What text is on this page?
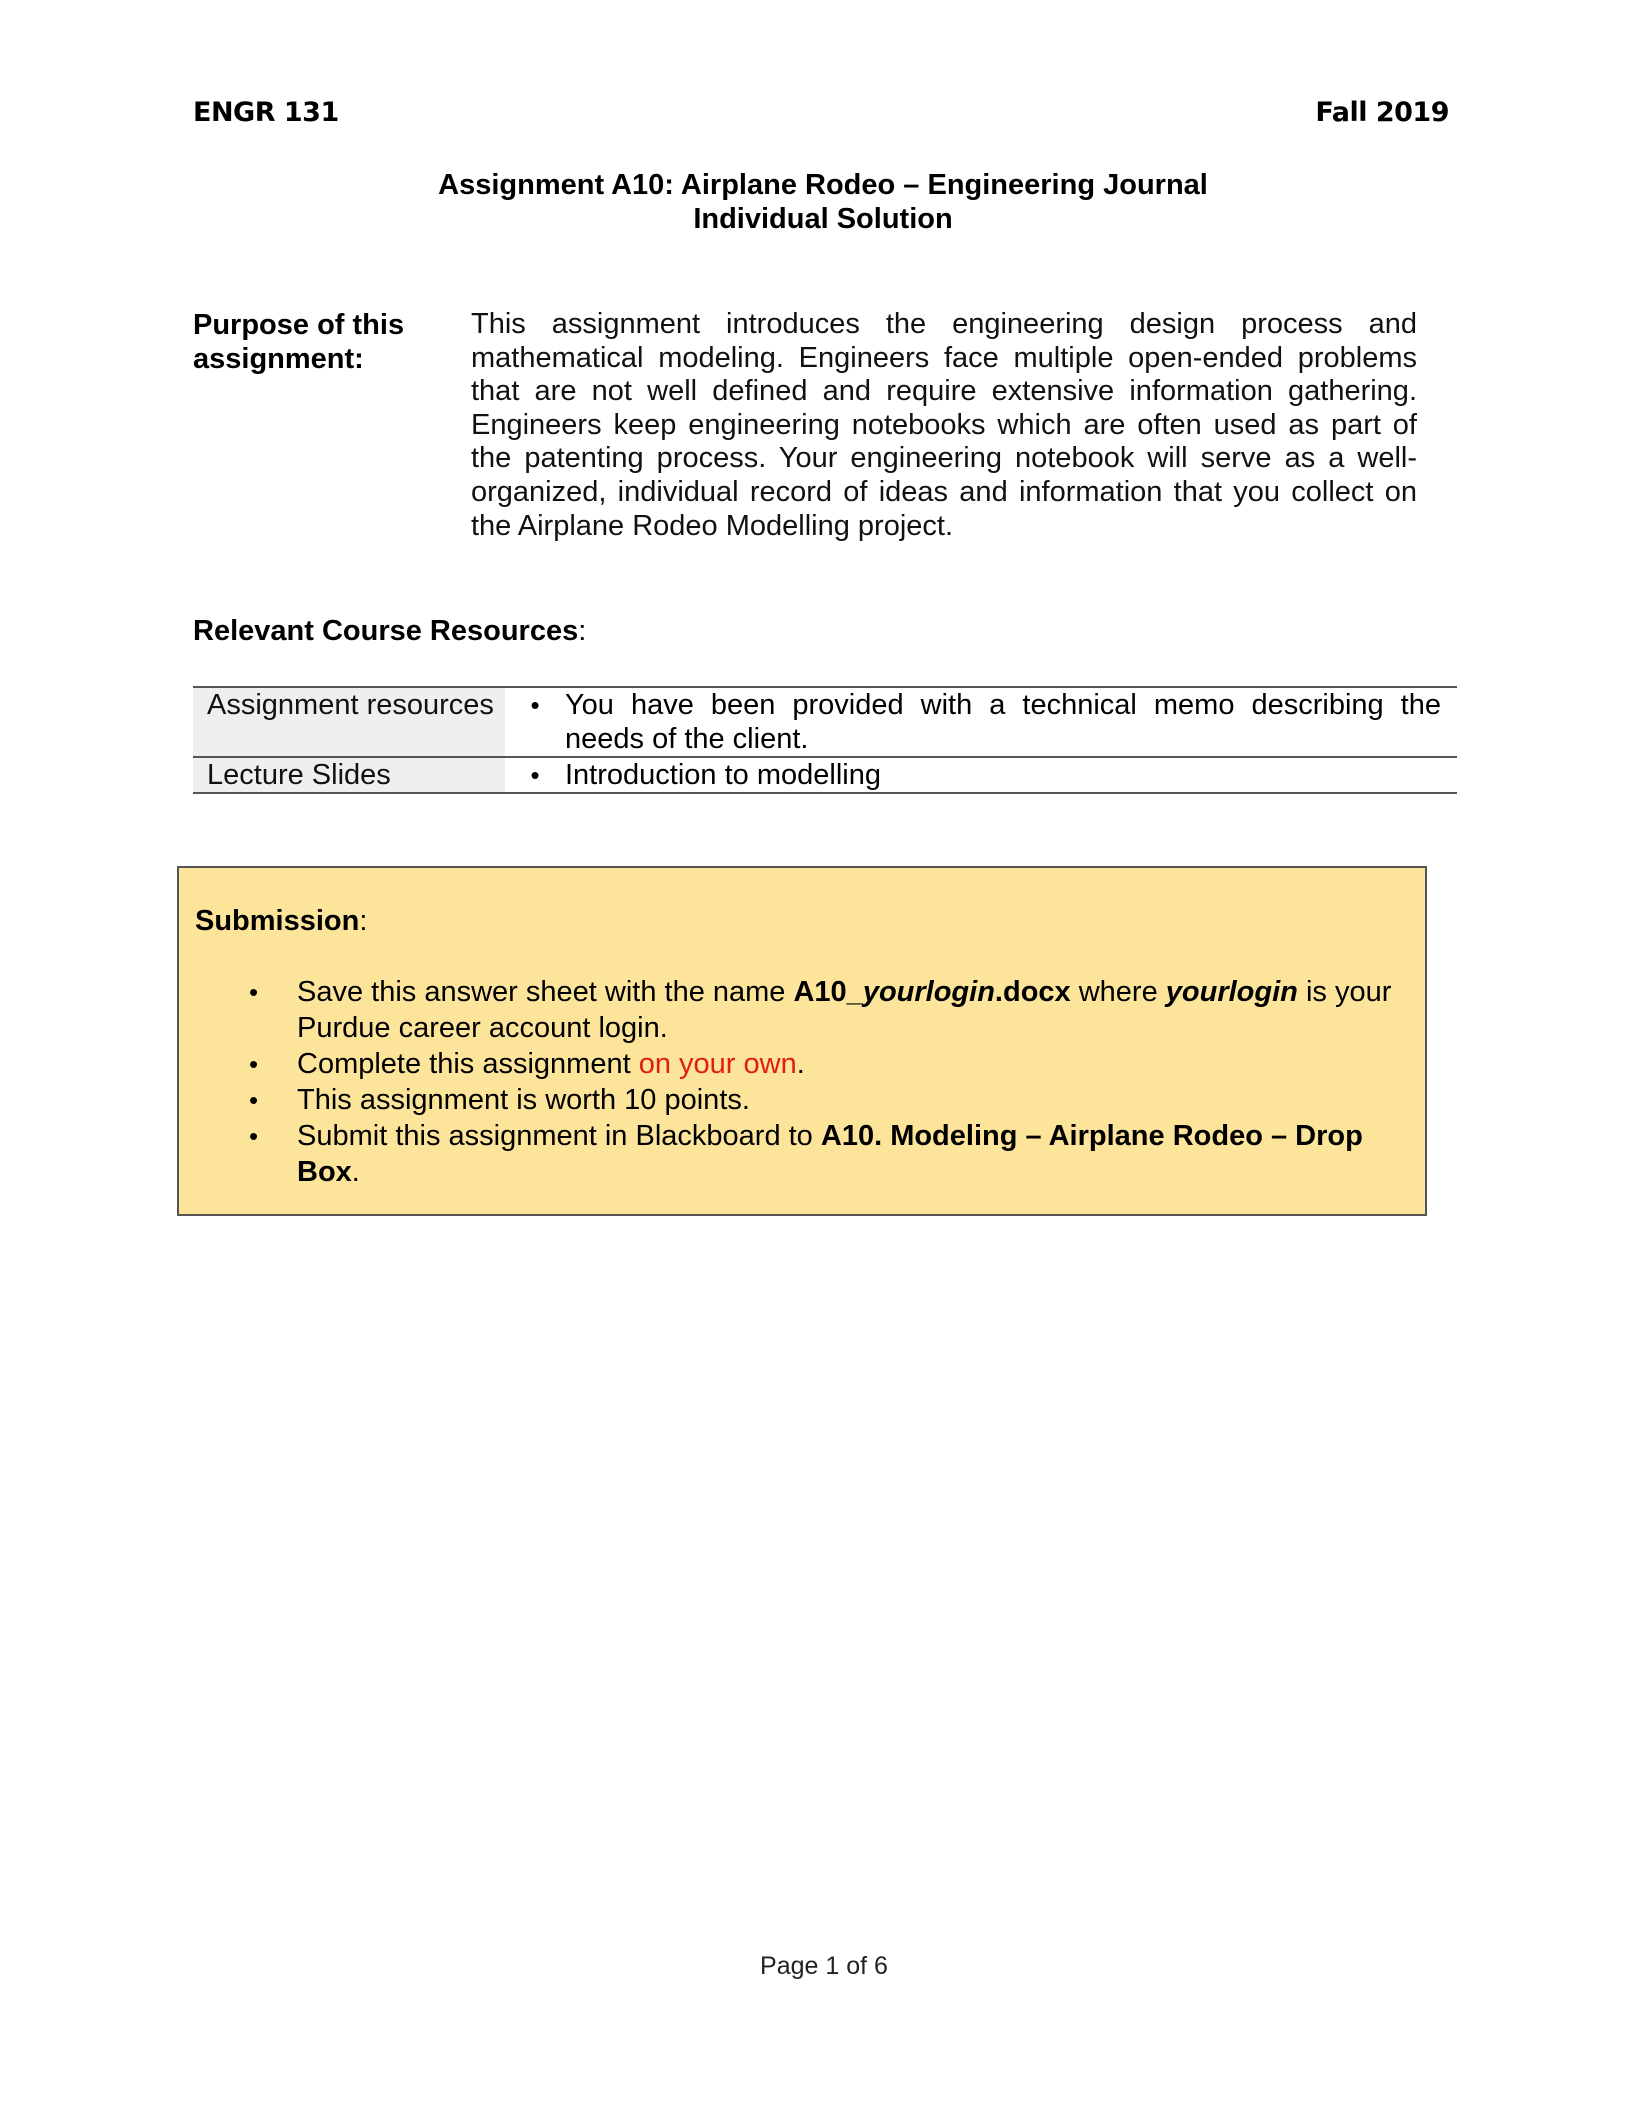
ENGR 131	Fall 2019
Assignment A10: Airplane Rodeo – Engineering Journal
Individual Solution
Purpose of this assignment:
This assignment introduces the engineering design process and mathematical modeling. Engineers face multiple open-ended problems that are not well defined and require extensive information gathering. Engineers keep engineering notebooks which are often used as part of the patenting process. Your engineering notebook will serve as a well-organized, individual record of ideas and information that you collect on the Airplane Rodeo Modelling project.
Relevant Course Resources:
Assignment resources	• You have been provided with a technical memo describing the needs of the client.

Lecture Slides	• Introduction to modelling
Submission:
•	Save this answer sheet with the name A10_yourlogin.docx where yourlogin is your Purdue career account login.
•	Complete this assignment on your own.
•	This assignment is worth 10 points.
•	Submit this assignment in Blackboard to A10. Modeling – Airplane Rodeo – Drop Box.
Page 1 of 6
